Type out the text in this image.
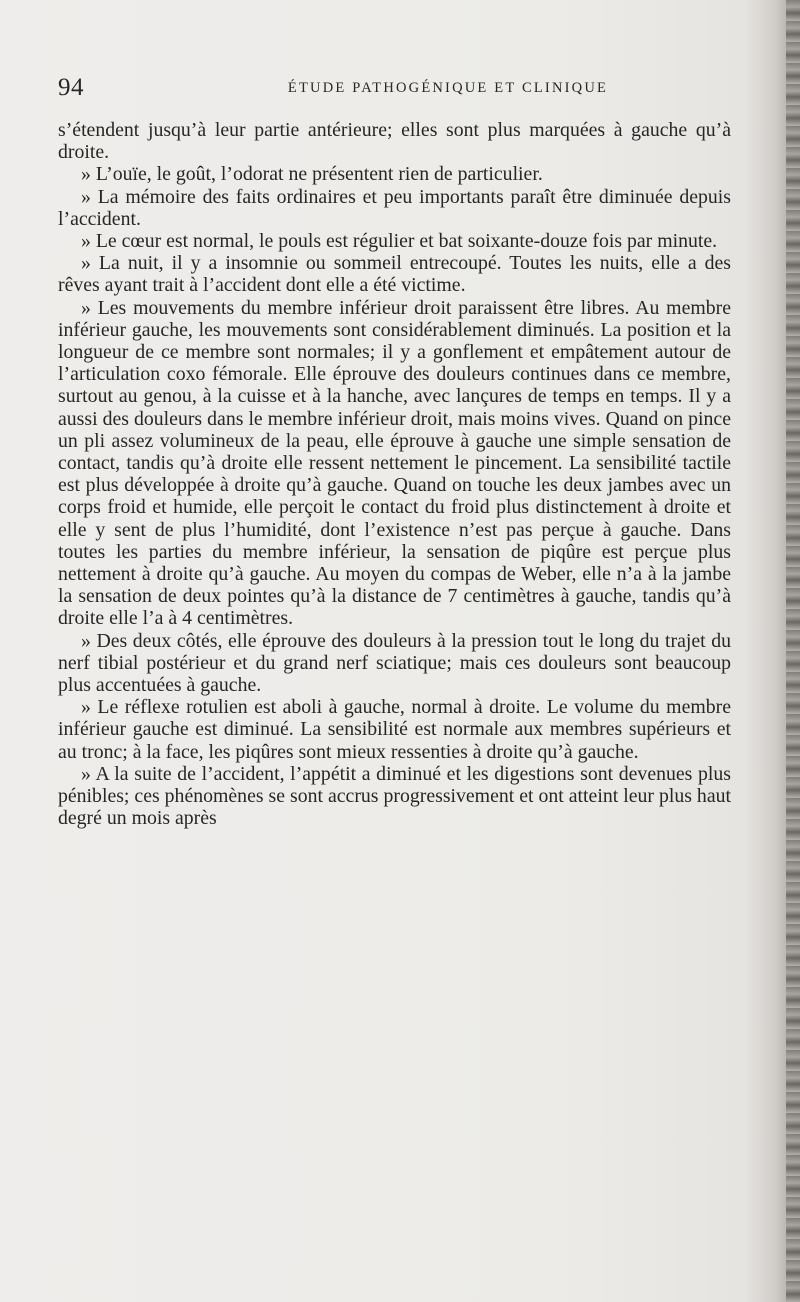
94	ÉTUDE PATHOGÉNIQUE ET CLINIQUE

s’étendent jusqu’à leur partie antérieure; elles sont plus marquées à gauche qu’à droite.

» L’ouïe, le goût, l’odorat ne présentent rien de particulier.

» La mémoire des faits ordinaires et peu importants paraît être diminuée depuis l’accident.

» Le cœur est normal, le pouls est régulier et bat soixante-douze fois par minute.

» La nuit, il y a insomnie ou sommeil entrecoupé. Toutes les nuits, elle a des rêves ayant trait à l’accident dont elle a été victime.

» Les mouvements du membre inférieur droit paraissent être libres. Au membre inférieur gauche, les mouvements sont considérablement diminués. La position et la longueur de ce membre sont normales; il y a gonflement et empâtement autour de l’articulation coxo fémorale. Elle éprouve des douleurs continues dans ce membre, surtout au genou, à la cuisse et à la hanche, avec lançures de temps en temps. Il y a aussi des douleurs dans le membre inférieur droit, mais moins vives. Quand on pince un pli assez volumineux de la peau, elle éprouve à gauche une simple sensation de contact, tandis qu’à droite elle ressent nettement le pincement. La sensibilité tactile est plus développée à droite qu’à gauche. Quand on touche les deux jambes avec un corps froid et humide, elle perçoit le contact du froid plus distinctement à droite et elle y sent de plus l’humidité, dont l’existence n’est pas perçue à gauche. Dans toutes les parties du membre inférieur, la sensation de piqûre est perçue plus nettement à droite qu’à gauche. Au moyen du compas de Weber, elle n’a à la jambe la sensation de deux pointes qu’à la distance de 7 centimètres à gauche, tandis qu’à droite elle l’a à 4 centimètres.

» Des deux côtés, elle éprouve des douleurs à la pression tout le long du trajet du nerf tibial postérieur et du grand nerf sciatique; mais ces douleurs sont beaucoup plus accentuées à gauche.

» Le réflexe rotulien est aboli à gauche, normal à droite. Le volume du membre inférieur gauche est diminué. La sensibilité est normale aux membres supérieurs et au tronc; à la face, les piqûres sont mieux ressenties à droite qu’à gauche.

» A la suite de l’accident, l’appétit a diminué et les digestions sont devenues plus pénibles; ces phénomènes se sont accrus progressivement et ont atteint leur plus haut degré un mois après
